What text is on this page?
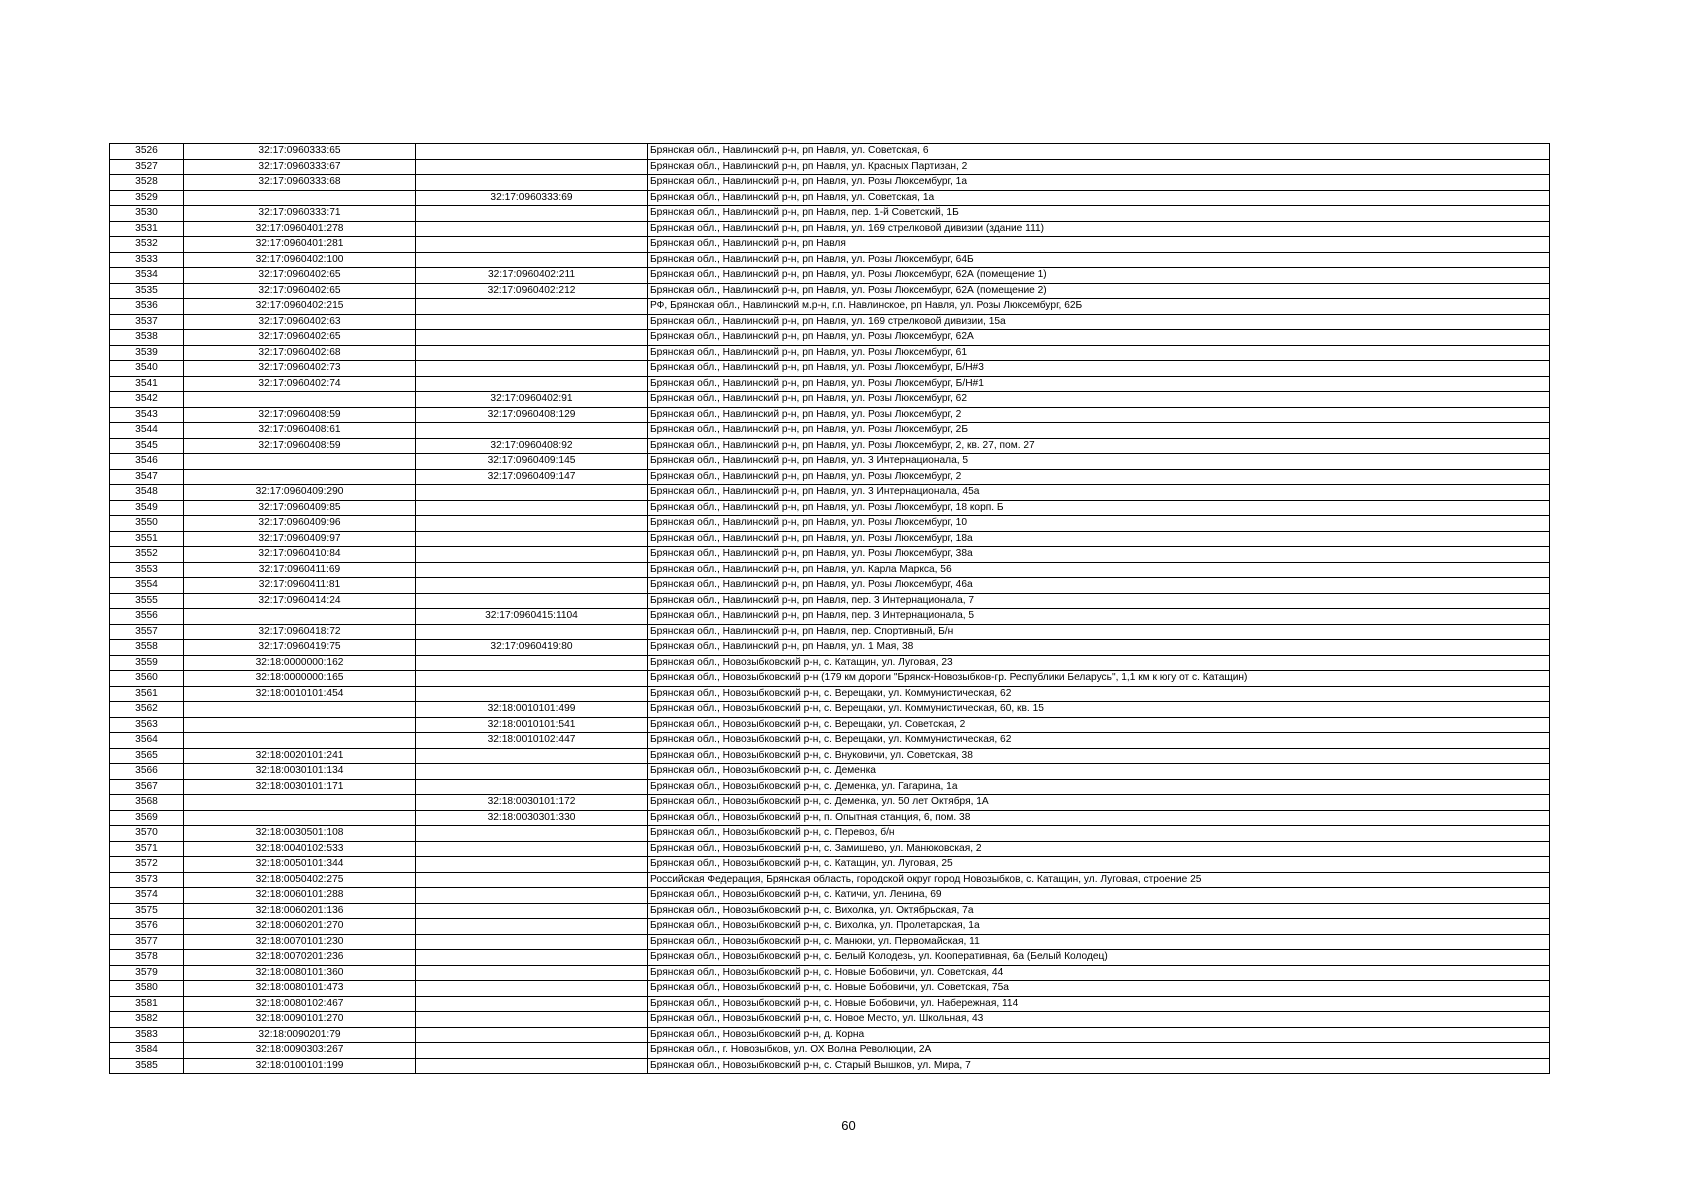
3526	32:17:0960333:65		Брянская обл., Навлинский р-н, рп Навля, ул. Советская, 6
3527	32:17:0960333:67		Брянская обл., Навлинский р-н, рп Навля, ул. Красных Партизан, 2
3528	32:17:0960333:68		Брянская обл., Навлинский р-н, рп Навля, ул. Розы Люксембург, 1а
3529		32:17:0960333:69	Брянская обл., Навлинский р-н, рп Навля, ул. Советская, 1а
3530	32:17:0960333:71		Брянская обл., Навлинский р-н, рп Навля, пер. 1-й Советский, 1Б
3531	32:17:0960401:278		Брянская обл., Навлинский р-н, рп Навля, ул. 169 стрелковой дивизии (здание 111)
3532	32:17:0960401:281		Брянская обл., Навлинский р-н, рп Навля
3533	32:17:0960402:100		Брянская обл., Навлинский р-н, рп Навля, ул. Розы Люксембург, 64Б
3534	32:17:0960402:65	32:17:0960402:211	Брянская обл., Навлинский р-н, рп Навля, ул. Розы Люксембург, 62А (помещение 1)
3535	32:17:0960402:65	32:17:0960402:212	Брянская обл., Навлинский р-н, рп Навля, ул. Розы Люксембург, 62А (помещение 2)
3536	32:17:0960402:215		РФ, Брянская обл., Навлинский м.р-н, г.п. Навлинское, рп Навля, ул. Розы Люксембург, 62Б
3537	32:17:0960402:63		Брянская обл., Навлинский р-н, рп Навля, ул. 169 стрелковой дивизии, 15а
3538	32:17:0960402:65		Брянская обл., Навлинский р-н, рп Навля, ул. Розы Люксембург, 62А
3539	32:17:0960402:68		Брянская обл., Навлинский р-н, рп Навля, ул. Розы Люксембург, 61
3540	32:17:0960402:73		Брянская обл., Навлинский р-н, рп Навля, ул. Розы Люксембург, Б/Н#3
3541	32:17:0960402:74		Брянская обл., Навлинский р-н, рп Навля, ул. Розы Люксембург, Б/Н#1
3542		32:17:0960402:91	Брянская обл., Навлинский р-н, рп Навля, ул. Розы Люксембург, 62
3543	32:17:0960408:59	32:17:0960408:129	Брянская обл., Навлинский р-н, рп Навля, ул. Розы Люксембург, 2
3544	32:17:0960408:61		Брянская обл., Навлинский р-н, рп Навля, ул. Розы Люксембург, 2Б
3545	32:17:0960408:59	32:17:0960408:92	Брянская обл., Навлинский р-н, рп Навля, ул. Розы Люксембург, 2, кв. 27, пом. 27
3546		32:17:0960409:145	Брянская обл., Навлинский р-н, рп Навля, ул. 3 Интернационала, 5
3547		32:17:0960409:147	Брянская обл., Навлинский р-н, рп Навля, ул. Розы Люксембург, 2
3548	32:17:0960409:290		Брянская обл., Навлинский р-н, рп Навля, ул. 3 Интернационала, 45а
3549	32:17:0960409:85		Брянская обл., Навлинский р-н, рп Навля, ул. Розы Люксембург, 18 корп. Б
3550	32:17:0960409:96		Брянская обл., Навлинский р-н, рп Навля, ул. Розы Люксембург, 10
3551	32:17:0960409:97		Брянская обл., Навлинский р-н, рп Навля, ул. Розы Люксембург, 18а
3552	32:17:0960410:84		Брянская обл., Навлинский р-н, рп Навля, ул. Розы Люксембург, 38а
3553	32:17:0960411:69		Брянская обл., Навлинский р-н, рп Навля, ул. Карла Маркса, 56
3554	32:17:0960411:81		Брянская обл., Навлинский р-н, рп Навля, ул. Розы Люксембург, 46а
3555	32:17:0960414:24		Брянская обл., Навлинский р-н, рп Навля, пер. 3 Интернационала, 7
3556		32:17:0960415:1104	Брянская обл., Навлинский р-н, рп Навля, пер. 3 Интернационала, 5
3557	32:17:0960418:72		Брянская обл., Навлинский р-н, рп Навля, пер. Спортивный, Б/н
3558	32:17:0960419:75	32:17:0960419:80	Брянская обл., Навлинский р-н, рп Навля, ул. 1 Мая, 38
3559	32:18:0000000:162		Брянская обл., Новозыбковский р-н, с. Катащин, ул. Луговая, 23
3560	32:18:0000000:165		Брянская обл., Новозыбковский р-н (179 км дороги "Брянск-Новозыбков-гр. Республики Беларусь", 1,1 км к югу от с. Катащин)
3561	32:18:0010101:454		Брянская обл., Новозыбковский р-н, с. Верещаки, ул. Коммунистическая, 62
3562		32:18:0010101:499	Брянская обл., Новозыбковский р-н, с. Верещаки, ул. Коммунистическая, 60, кв. 15
3563		32:18:0010101:541	Брянская обл., Новозыбковский р-н, с. Верещаки, ул. Советская, 2
3564		32:18:0010102:447	Брянская обл., Новозыбковский р-н, с. Верещаки, ул. Коммунистическая, 62
3565	32:18:0020101:241		Брянская обл., Новозыбковский р-н, с. Внуковичи, ул. Советская, 38
3566	32:18:0030101:134		Брянская обл., Новозыбковский р-н, с. Деменка
3567	32:18:0030101:171		Брянская обл., Новозыбковский р-н, с. Деменка, ул. Гагарина, 1а
3568		32:18:0030101:172	Брянская обл., Новозыбковский р-н, с. Деменка, ул. 50 лет Октября, 1А
3569		32:18:0030301:330	Брянская обл., Новозыбковский р-н, п. Опытная станция, 6, пом. 38
3570	32:18:0030501:108		Брянская обл., Новозыбковский р-н, с. Перевоз, б/н
3571	32:18:0040102:533		Брянская обл., Новозыбковский р-н, с. Замишево, ул. Манюковская, 2
3572	32:18:0050101:344		Брянская обл., Новозыбковский р-н, с. Катащин, ул. Луговая, 25
3573	32:18:0050402:275		Российская Федерация, Брянская область, городской округ город Новозыбков, с. Катащин, ул. Луговая, строение 25
3574	32:18:0060101:288		Брянская обл., Новозыбковский р-н, с. Катичи, ул. Ленина, 69
3575	32:18:0060201:136		Брянская обл., Новозыбковский р-н, с. Вихолка, ул. Октябрьская, 7а
3576	32:18:0060201:270		Брянская обл., Новозыбковский р-н, с. Вихолка, ул. Пролетарская, 1а
3577	32:18:0070101:230		Брянская обл., Новозыбковский р-н, с. Манюки, ул. Первомайская, 11
3578	32:18:0070201:236		Брянская обл., Новозыбковский р-н, с. Белый Колодезь, ул. Кооперативная, 6а (Белый Колодец)
3579	32:18:0080101:360		Брянская обл., Новозыбковский р-н, с. Новые Бобовичи, ул. Советская, 44
3580	32:18:0080101:473		Брянская обл., Новозыбковский р-н, с. Новые Бобовичи, ул. Советская, 75а
3581	32:18:0080102:467		Брянская обл., Новозыбковский р-н, с. Новые Бобовичи, ул. Набережная, 114
3582	32:18:0090101:270		Брянская обл., Новозыбковский р-н, с. Новое Место, ул. Школьная, 43
3583	32:18:0090201:79		Брянская обл., Новозыбковский р-н, д. Корна
3584	32:18:0090303:267		Брянская обл., г. Новозыбков, ул. ОХ Волна Революции, 2А
3585	32:18:0100101:199		Брянская обл., Новозыбковский р-н, с. Старый Вышков, ул. Мира, 7
60
